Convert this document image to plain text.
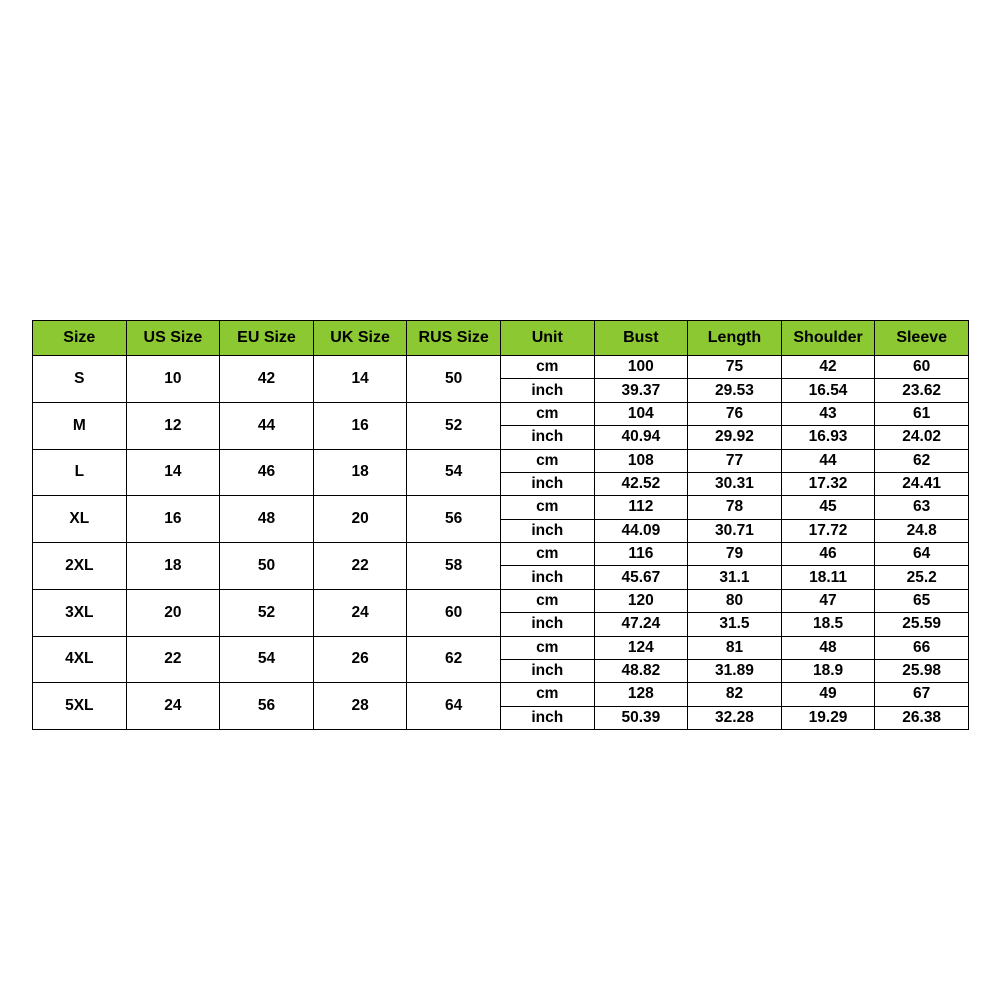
Size	US Size	EU Size	UK Size	RUS Size	Unit	Bust	Length	Shoulder	Sleeve
S	10	42	14	50	cm	100	75	42	60
					inch	39.37	29.53	16.54	23.62
M	12	44	16	52	cm	104	76	43	61
					inch	40.94	29.92	16.93	24.02
L	14	46	18	54	cm	108	77	44	62
					inch	42.52	30.31	17.32	24.41
XL	16	48	20	56	cm	112	78	45	63
					inch	44.09	30.71	17.72	24.8
2XL	18	50	22	58	cm	116	79	46	64
					inch	45.67	31.1	18.11	25.2
3XL	20	52	24	60	cm	120	80	47	65
					inch	47.24	31.5	18.5	25.59
4XL	22	54	26	62	cm	124	81	48	66
					inch	48.82	31.89	18.9	25.98
5XL	24	56	28	64	cm	128	82	49	67
					inch	50.39	32.28	19.29	26.38
